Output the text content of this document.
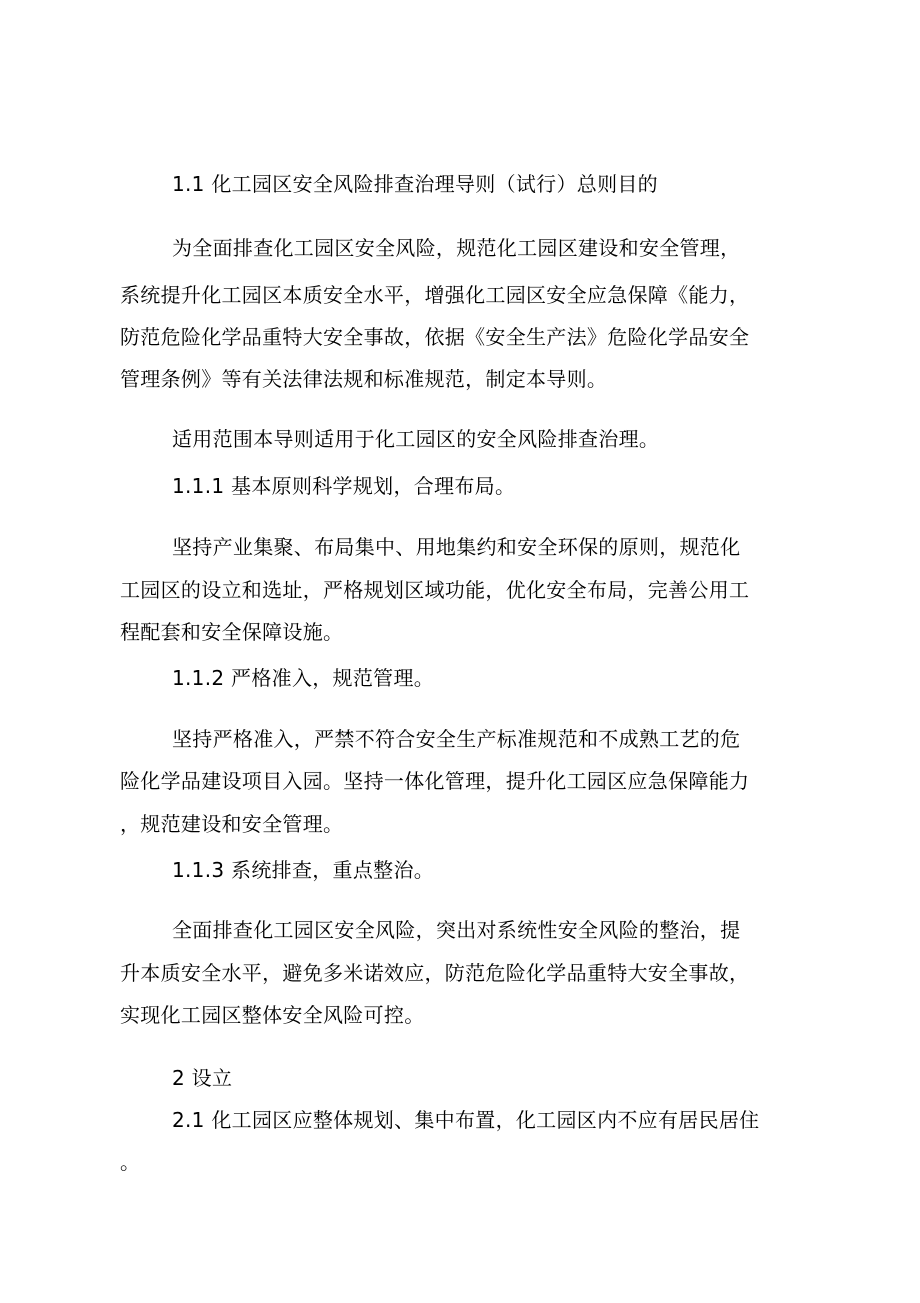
1.1 化工园区安全风险排查治理导则（试行）总则目的

为全面排查化工园区安全风险，规范化工园区建设和安全管理，

系统提升化工园区本质安全水平，增强化工园区安全应急保障《能力，

防范危险化学品重特大安全事故，依据《安全生产法》危险化学品安全

管理条例》等有关法律法规和标准规范，制定本导则。

适用范围本导则适用于化工园区的安全风险排查治理。

1.1.1 基本原则科学规划，合理布局。

坚持产业集聚、布局集中、用地集约和安全环保的原则，规范化

工园区的设立和选址，严格规划区域功能，优化安全布局，完善公用工

程配套和安全保障设施。

1.1.2 严格准入，规范管理。

坚持严格准入，严禁不符合安全生产标准规范和不成熟工艺的危

险化学品建设项目入园。坚持一体化管理，提升化工园区应急保障能力

，规范建设和安全管理。

1.1.3 系统排查，重点整治。

全面排查化工园区安全风险，突出对系统性安全风险的整治，提

升本质安全水平，避免多米诺效应，防范危险化学品重特大安全事故，

实现化工园区整体安全风险可控。

2 设立

2.1 化工园区应整体规划、集中布置，化工园区内不应有居民居住

。
